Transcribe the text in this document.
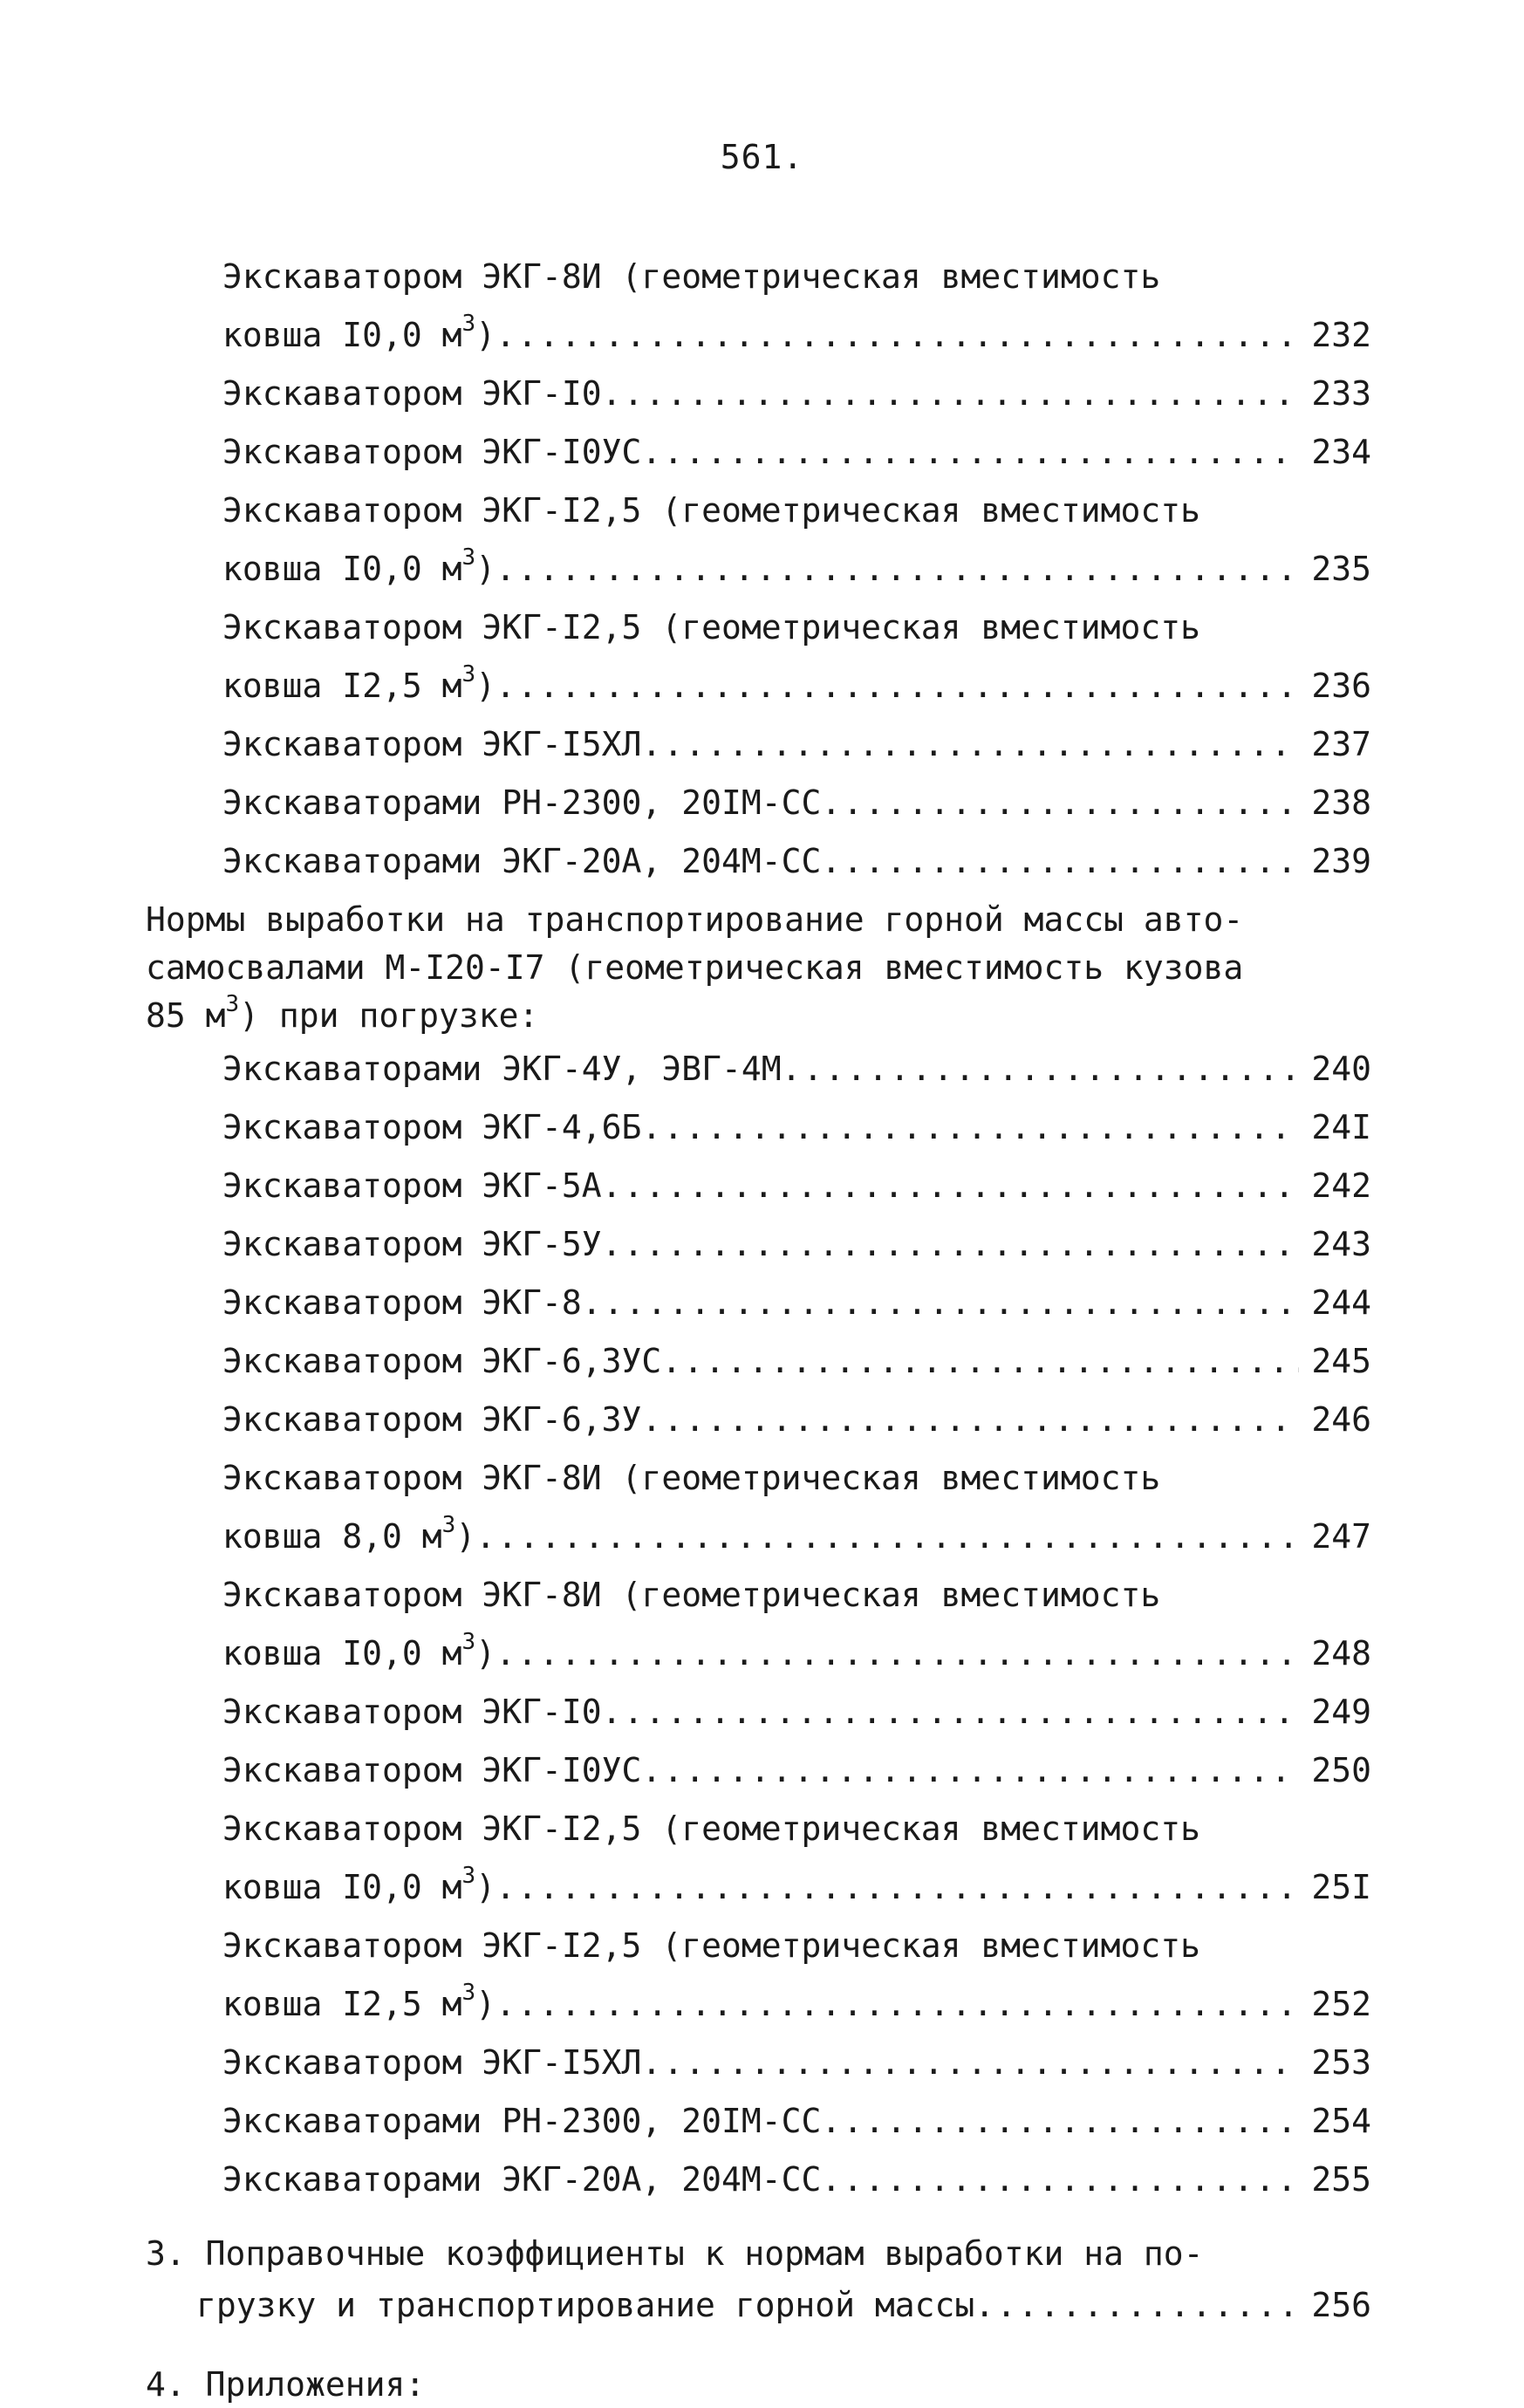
561.
Экскаватором ЭКГ-8И (геометрическая вместимость
ковша I0,0 $м^3$) .....	232
Экскаватором ЭКГ-I0 .....	233
Экскаватором ЭКГ-I0УС .....	234
Экскаватором ЭКГ-I2,5 (геометрическая вместимость
ковша I0,0 $м^3$) .....	235
Экскаватором ЭКГ-I2,5 (геометрическая вместимость
ковша I2,5 $м^3$) .....	236
Экскаватором ЭКГ-I5ХЛ .....	237
Экскаваторами РН-2300, 20IМ-СС .....	238
Экскаваторами ЭКГ-20А, 204М-СС .....	239
Нормы выработки на транспортирование горной массы авто-
самосвалами М-I20-I7 (геометрическая вместимость кузова
85 $м^3$) при погрузке:
Экскаваторами ЭКГ-4У, ЭВГ-4М .....	240
Экскаватором ЭКГ-4,6Б .....	24I
Экскаватором ЭКГ-5А .....	242
Экскаватором ЭКГ-5У .....	243
Экскаватором ЭКГ-8 .....	244
Экскаватором ЭКГ-6,3УС .....	245
Экскаватором ЭКГ-6,3У .....	246
Экскаватором ЭКГ-8И (геометрическая вместимость
ковша 8,0 $м^3$) .....	247
Экскаватором ЭКГ-8И (геометрическая вместимость
ковша I0,0 $м^3$) .....	248
Экскаватором ЭКГ-I0 .....	249
Экскаватором ЭКГ-I0УС .....	250
Экскаватором ЭКГ-I2,5 (геометрическая вместимость
ковша I0,0 $м^3$) .....	25I
Экскаватором ЭКГ-I2,5 (геометрическая вместимость
ковша I2,5 $м^3$) .....	252
Экскаватором ЭКГ-I5ХЛ .....	253
Экскаваторами РН-2300, 20IМ-СС .....	254
Экскаваторами ЭКГ-20А, 204М-СС .....	255
3. Поправочные коэффициенты к нормам выработки на по-
грузку и транспортирование горной массы .....	256
4. Приложения:
